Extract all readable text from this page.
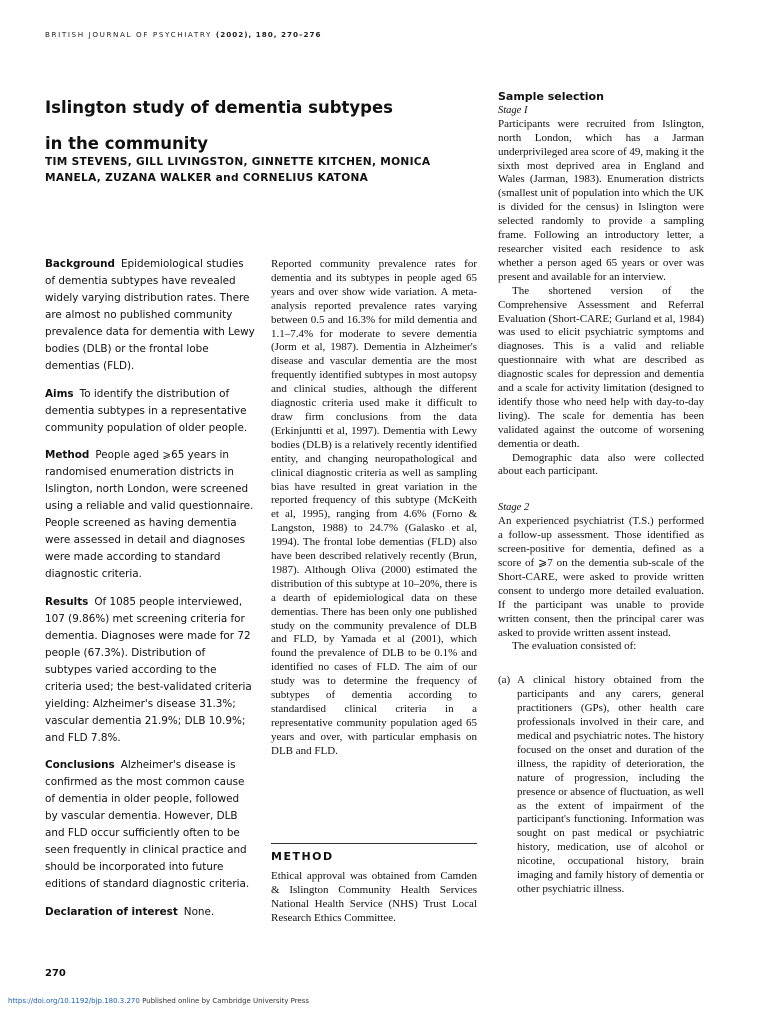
BRITISH JOURNAL OF PSYCHIATRY (2002), 180, 270–276
Islington study of dementia subtypes
in the community
TIM STEVENS, GILL LIVINGSTON, GINNETTE KITCHEN, MONICA MANELA, ZUZANA WALKER and CORNELIUS KATONA

Background Epidemiological studies of dementia subtypes have revealed widely varying distribution rates. There are almost no published community prevalence data for dementia with Lewy bodies (DLB) or the frontal lobe dementias (FLD).

Aims To identify the distribution of dementia subtypes in a representative community population of older people.

Method People aged ⩾65 years in randomised enumeration districts in Islington, north London, were screened using a reliable and valid questionnaire. People screened as having dementia were assessed in detail and diagnoses were made according to standard diagnostic criteria.

Results Of 1085 people interviewed, 107 (9.86%) met screening criteria for dementia. Diagnoses were made for 72 people (67.3%). Distribution of subtypes varied according to the criteria used; the best-validated criteria yielding: Alzheimer's disease 31.3%; vascular dementia 21.9%; DLB 10.9%; and FLD 7.8%.

Conclusions Alzheimer's disease is confirmed as the most common cause of dementia in older people, followed by vascular dementia. However, DLB and FLD occur sufficiently often to be seen frequently in clinical practice and should be incorporated into future editions of standard diagnostic criteria.

Declaration of interest None.

Reported community prevalence rates for dementia and its subtypes in people aged 65 years and over show wide variation. A meta-analysis reported prevalence rates varying between 0.5 and 16.3% for mild dementia and 1.1–7.4% for moderate to severe dementia (Jorm et al, 1987). Dementia in Alzheimer's disease and vascular dementia are the most frequently identified subtypes in most autopsy and clinical studies, although the different diagnostic criteria used make it difficult to draw firm conclusions from the data (Erkinjuntti et al, 1997). Dementia with Lewy bodies (DLB) is a relatively recently identified entity, and changing neuropathological and clinical diagnostic criteria as well as sampling bias have resulted in great variation in the reported frequency of this subtype (McKeith et al, 1995), ranging from 4.6% (Forno & Langston, 1988) to 24.7% (Galasko et al, 1994). The frontal lobe dementias (FLD) also have been described relatively recently (Brun, 1987). Although Oliva (2000) estimated the distribution of this subtype at 10–20%, there is a dearth of epidemiological data on these dementias. There has been only one published study on the community prevalence of DLB and FLD, by Yamada et al (2001), which found the prevalence of DLB to be 0.1% and identified no cases of FLD. The aim of our study was to determine the frequency of subtypes of dementia according to standardised clinical criteria in a representative community population aged 65 years and over, with particular emphasis on DLB and FLD.

METHOD

Ethical approval was obtained from Camden & Islington Community Health Services National Health Service (NHS) Trust Local Research Ethics Committee.

Sample selection

Stage I

Participants were recruited from Islington, north London, which has a Jarman underprivileged area score of 49, making it the sixth most deprived area in England and Wales (Jarman, 1983). Enumeration districts (smallest unit of population into which the UK is divided for the census) in Islington were selected randomly to provide a sampling frame. Following an introductory letter, a researcher visited each residence to ask whether a person aged 65 years or over was present and available for an interview.

The shortened version of the Comprehensive Assessment and Referral Evaluation (Short-CARE; Gurland et al, 1984) was used to elicit psychiatric symptoms and diagnoses. This is a valid and reliable questionnaire with what are described as diagnostic scales for depression and dementia and a scale for activity limitation (designed to identify those who need help with day-to-day living). The scale for dementia has been validated against the outcome of worsening dementia or death.

Demographic data also were collected about each participant.

Stage 2

An experienced psychiatrist (T.S.) performed a follow-up assessment. Those identified as screen-positive for dementia, defined as a score of ⩾7 on the dementia sub-scale of the Short-CARE, were asked to provide written consent to undergo more detailed evaluation. If the participant was unable to provide written consent, then the principal carer was asked to provide written assent instead.

The evaluation consisted of:

(a) A clinical history obtained from the participants and any carers, general practitioners (GPs), other health care professionals involved in their care, and medical and psychiatric notes. The history focused on the onset and duration of the illness, the rapidity of deterioration, the nature of progression, including the presence or absence of fluctuation, as well as the extent of impairment of the participant's functioning. Information was sought on past medical or psychiatric history, medication, use of alcohol or nicotine, occupational history, brain imaging and family history of dementia or other psychiatric illness.
270
https://doi.org/10.1192/bjp.180.3.270 Published online by Cambridge University Press
